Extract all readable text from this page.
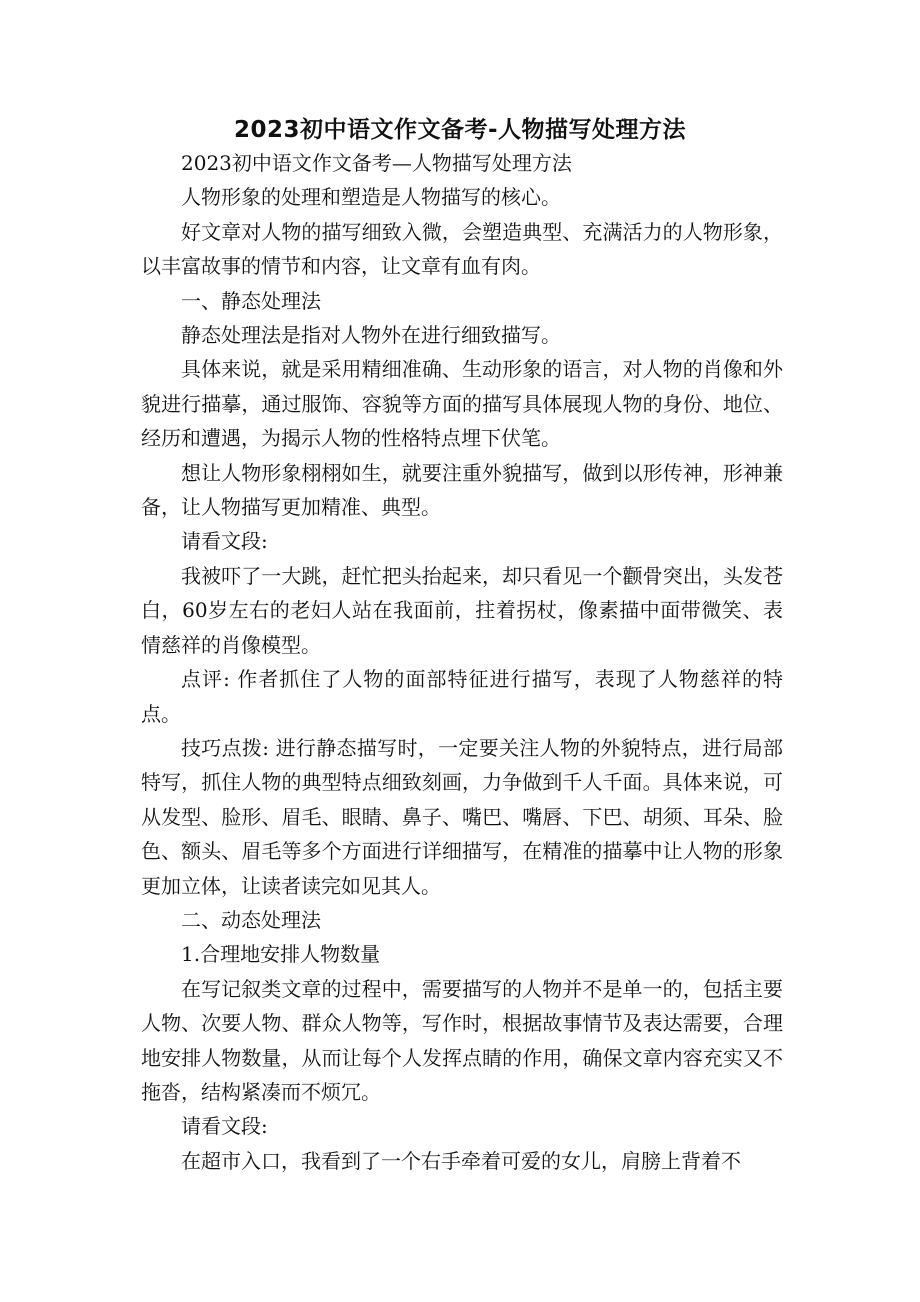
2023初中语文作文备考-人物描写处理方法

2023初中语文作文备考—人物描写处理方法

人物形象的处理和塑造是人物描写的核心。

好文章对人物的描写细致入微，会塑造典型、充满活力的人物形象，以丰富故事的情节和内容，让文章有血有肉。

一、静态处理法

静态处理法是指对人物外在进行细致描写。

具体来说，就是采用精细准确、生动形象的语言，对人物的肖像和外貌进行描摹，通过服饰、容貌等方面的描写具体展现人物的身份、地位、经历和遭遇，为揭示人物的性格特点埋下伏笔。

想让人物形象栩栩如生，就要注重外貌描写，做到以形传神，形神兼备，让人物描写更加精准、典型。

请看文段:

我被吓了一大跳，赶忙把头抬起来，却只看见一个颧骨突出，头发苍白，60岁左右的老妇人站在我面前，拄着拐杖，像素描中面带微笑、表情慈祥的肖像模型。

点评: 作者抓住了人物的面部特征进行描写，表现了人物慈祥的特点。

技巧点拨: 进行静态描写时，一定要关注人物的外貌特点，进行局部特写，抓住人物的典型特点细致刻画，力争做到千人千面。具体来说，可从发型、脸形、眉毛、眼睛、鼻子、嘴巴、嘴唇、下巴、胡须、耳朵、脸色、额头、眉毛等多个方面进行详细描写，在精准的描摹中让人物的形象更加立体，让读者读完如见其人。

二、动态处理法

1.合理地安排人物数量

在写记叙类文章的过程中，需要描写的人物并不是单一的，包括主要人物、次要人物、群众人物等，写作时，根据故事情节及表达需要，合理地安排人物数量，从而让每个人发挥点睛的作用，确保文章内容充实又不拖沓，结构紧凑而不烦冗。

请看文段:

在超市入口，我看到了一个右手牵着可爱的女儿，肩膀上背着不
